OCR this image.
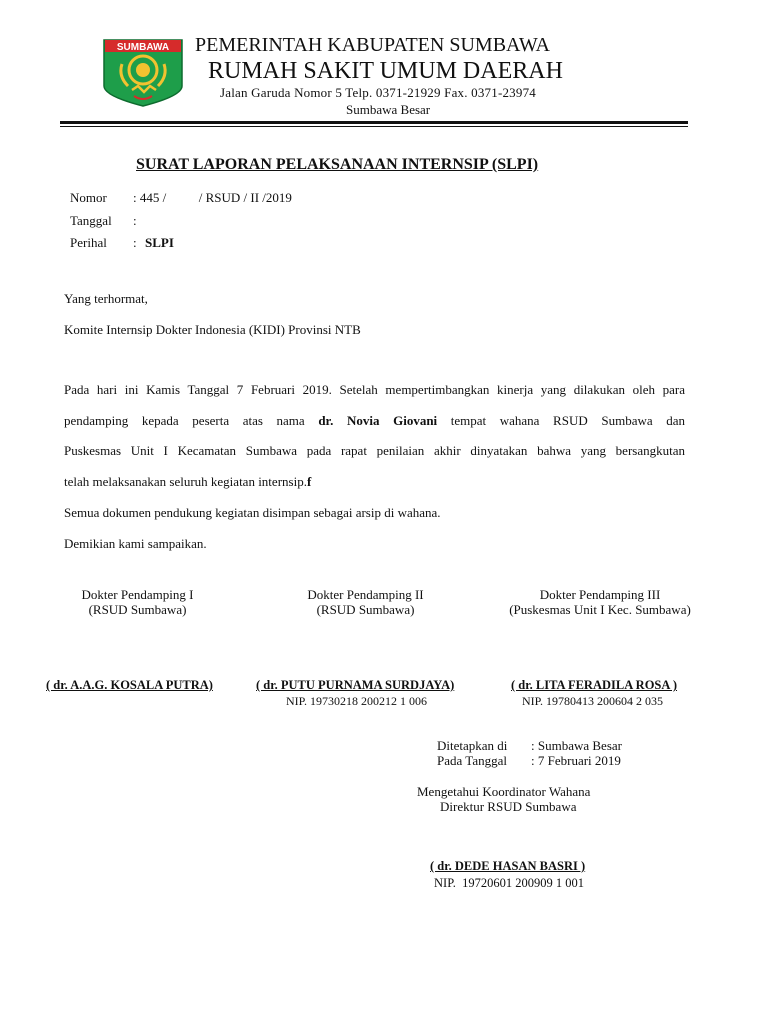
SUMBAWA PEMERINTAH KABUPATEN SUMBAWA
RUMAH SAKIT UMUM DAERAH
Jalan Garuda Nomor 5 Telp. 0371-21929 Fax. 0371-23974
Sumbawa Besar
SURAT LAPORAN PELAKSANAAN INTERNSIP (SLPI)
Nomor : 445 /          / RSUD / II /2019
Tanggal :
Perihal : SLPI
Yang terhormat,
Komite Internsip Dokter Indonesia (KIDI) Provinsi NTB
Pada hari ini Kamis Tanggal 7 Februari 2019. Setelah mempertimbangkan kinerja yang dilakukan oleh para
pendamping kepada peserta atas nama dr. Novia Giovani tempat wahana RSUD Sumbawa dan
Puskesmas Unit I Kecamatan Sumbawa pada rapat penilaian akhir dinyatakan bahwa yang bersangkutan
telah melaksanakan seluruh kegiatan internsip.f
Semua dokumen pendukung kegiatan disimpan sebagai arsip di wahana.
Demikian kami sampaikan.
Dokter Pendamping I
(RSUD Sumbawa)
Dokter Pendamping II
(RSUD Sumbawa)
Dokter Pendamping III
(Puskesmas Unit I Kec. Sumbawa)
( dr. A.A.G. KOSALA PUTRA)	( dr. PUTU PURNAMA SURDJAYA)
NIP. 19730218 200212 1 006
( dr. LITA FERADILA ROSA )
NIP. 19780413 200604 2 035
Ditetapkan di : Sumbawa Besar
Pada Tanggal : 7 Februari 2019
Mengetahui Koordinator Wahana
Direktur RSUD Sumbawa
( dr. DEDE HASAN BASRI )
NIP.  19720601 200909 1 001
